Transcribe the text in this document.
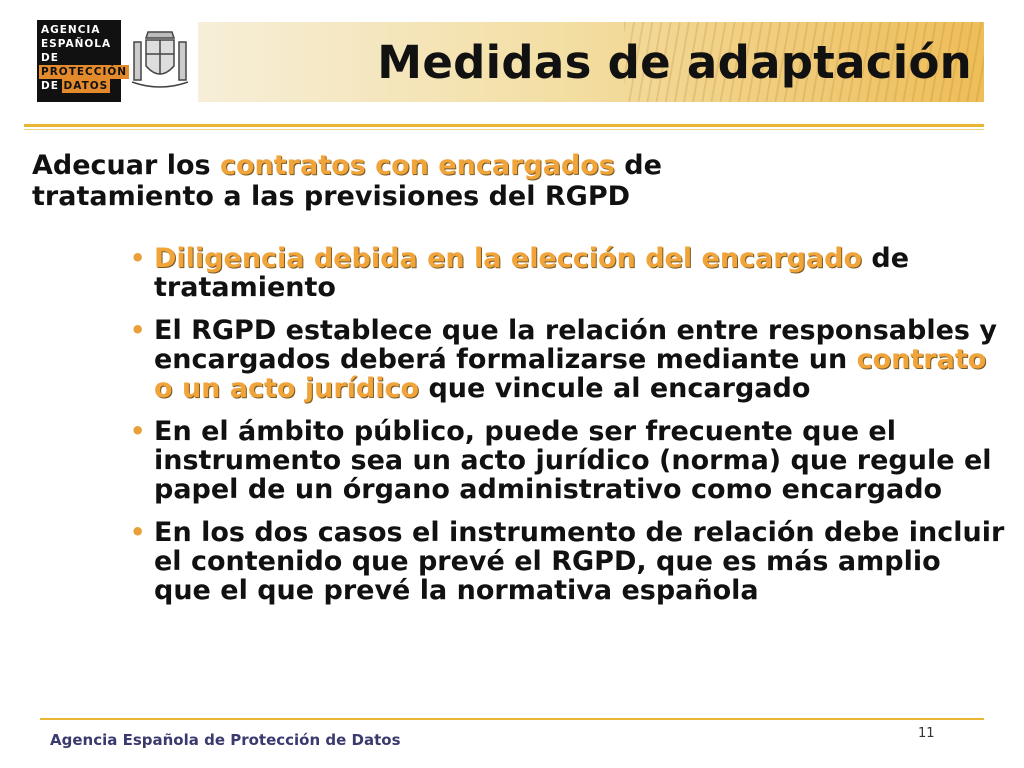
AGENCIA
ESPAÑOLA DE
PROTECCIÓN
DE DATOS	Medidas de adaptación

Adecuar los contratos con encargados de tratamiento a las previsiones del RGPD

• Diligencia debida en la elección del encargado de tratamiento
• El RGPD establece que la relación entre responsables y encargados deberá formalizarse mediante un contrato o un acto jurídico que vincule al encargado
• En el ámbito público, puede ser frecuente que el instrumento sea un acto jurídico (norma) que regule el papel de un órgano administrativo como encargado
• En los dos casos el instrumento de relación debe incluir el contenido que prevé el RGPD, que es más amplio que el que prevé la normativa española

Agencia Española de Protección de Datos	11
